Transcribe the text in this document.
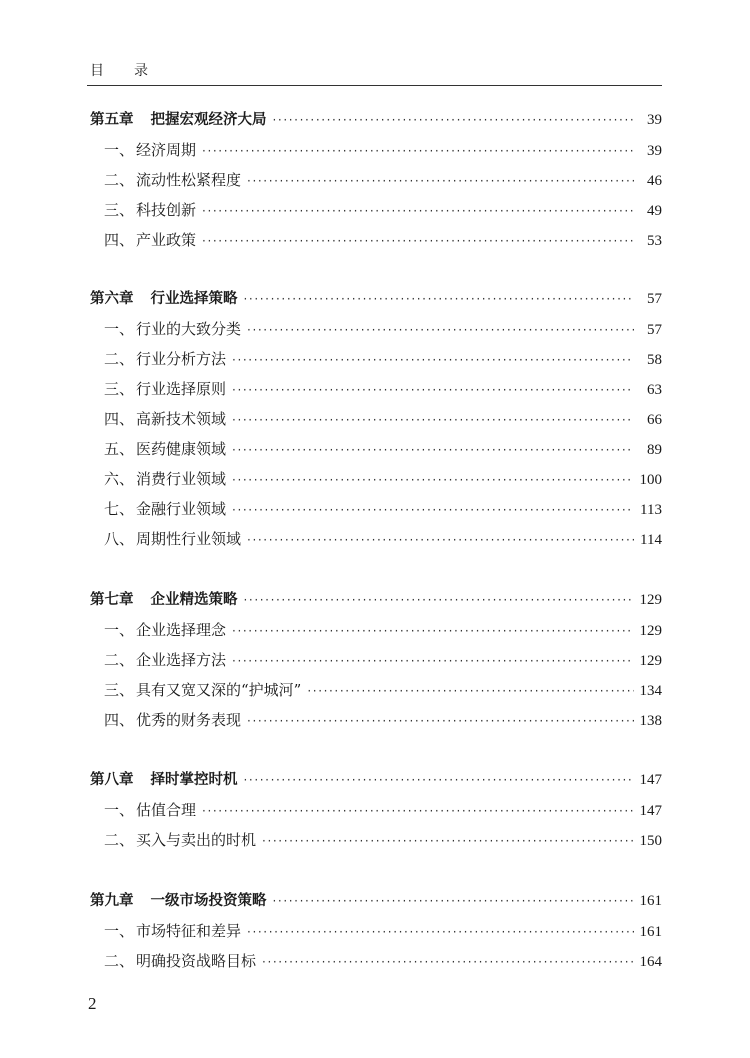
目 录
第五章 把握宏观经济大局 ·····	39
一、 经济周期 ·····	39
二、 流动性松紧程度 ·····	46
三、 科技创新 ·····	49
四、 产业政策 ·····	53
第六章 行业选择策略 ·····	57
一、 行业的大致分类 ·····	57
二、 行业分析方法 ·····	58
三、 行业选择原则 ·····	63
四、 高新技术领域 ·····	66
五、 医药健康领域 ·····	89
六、 消费行业领域 ·····	100
七、 金融行业领域 ·····	113
八、 周期性行业领域 ·····	114
第七章 企业精选策略 ·····	129
一、 企业选择理念 ·····	129
二、 企业选择方法 ·····	129
三、 具有又宽又深的“护城河” ·····	134
四、 优秀的财务表现 ·····	138
第八章 择时掌控时机 ·····	147
一、 估值合理 ·····	147
二、 买入与卖出的时机 ·····	150
第九章 一级市场投资策略 ·····	161
一、 市场特征和差异 ·····	161
二、 明确投资战略目标 ·····	164
2
